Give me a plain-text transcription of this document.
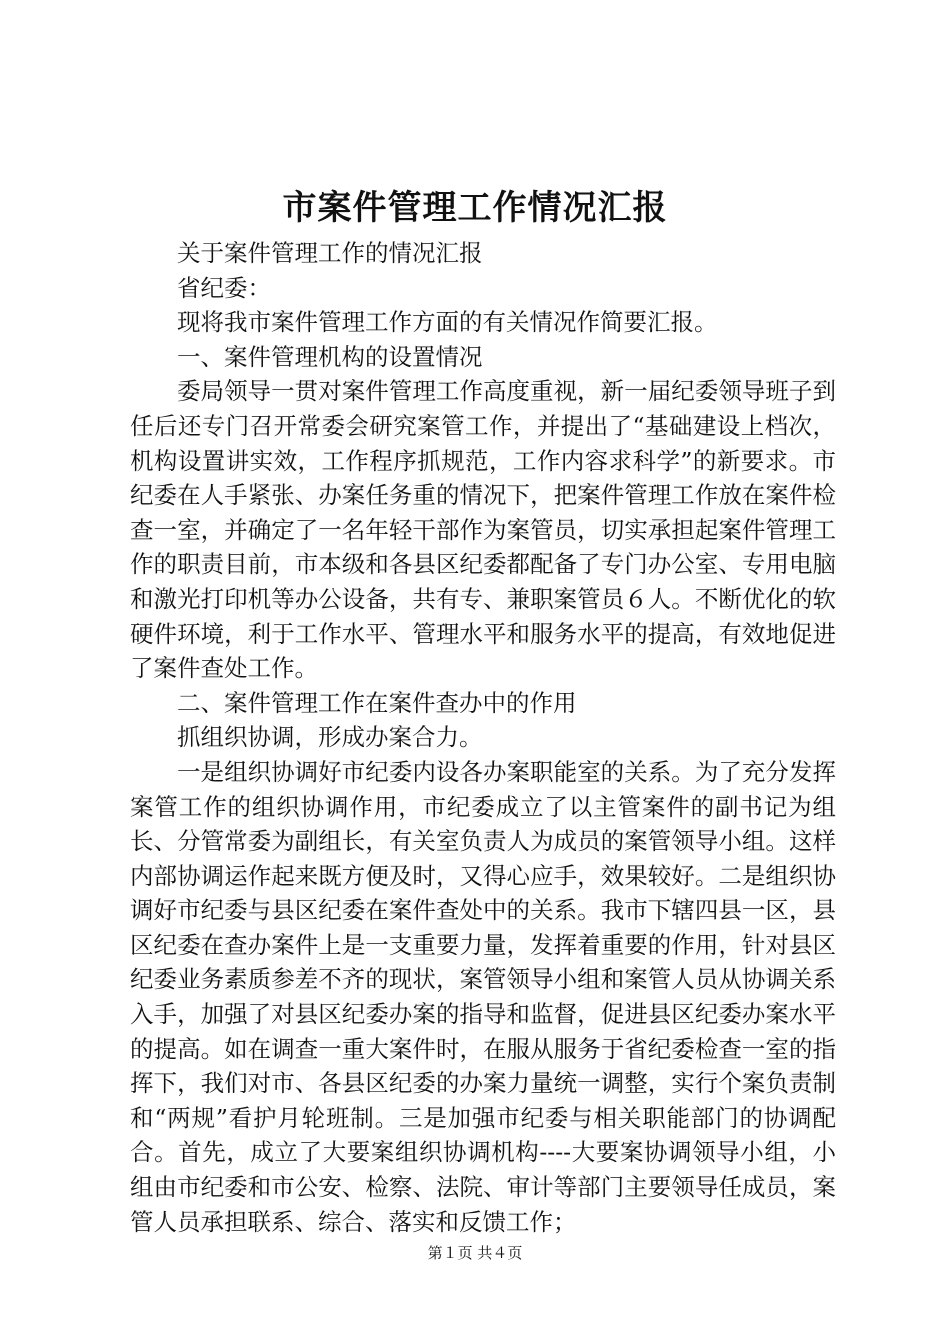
市案件管理工作情况汇报

关于案件管理工作的情况汇报

省纪委：

现将我市案件管理工作方面的有关情况作简要汇报。

一、案件管理机构的设置情况

委局领导一贯对案件管理工作高度重视，新一届纪委领导班子到任后还专门召开常委会研究案管工作，并提出了“基础建设上档次，机构设置讲实效，工作程序抓规范，工作内容求科学”的新要求。市纪委在人手紧张、办案任务重的情况下，把案件管理工作放在案件检查一室，并确定了一名年轻干部作为案管员，切实承担起案件管理工作的职责目前，市本级和各县区纪委都配备了专门办公室、专用电脑和激光打印机等办公设备，共有专、兼职案管员６人。不断优化的软硬件环境，利于工作水平、管理水平和服务水平的提高，有效地促进了案件查处工作。

二、案件管理工作在案件查办中的作用

抓组织协调，形成办案合力。

一是组织协调好市纪委内设各办案职能室的关系。为了充分发挥案管工作的组织协调作用，市纪委成立了以主管案件的副书记为组长、分管常委为副组长，有关室负责人为成员的案管领导小组。这样内部协调运作起来既方便及时，又得心应手，效果较好。二是组织协调好市纪委与县区纪委在案件查处中的关系。我市下辖四县一区，县区纪委在查办案件上是一支重要力量，发挥着重要的作用，针对县区纪委业务素质参差不齐的现状，案管领导小组和案管人员从协调关系入手，加强了对县区纪委办案的指导和监督，促进县区纪委办案水平的提高。如在调查一重大案件时，在服从服务于省纪委检查一室的指挥下，我们对市、各县区纪委的办案力量统一调整，实行个案负责制和“两规”看护月轮班制。三是加强市纪委与相关职能部门的协调配合。首先，成立了大要案组织协调机构----大要案协调领导小组，小组由市纪委和市公安、检察、法院、审计等部门主要领导任成员，案管人员承担联系、综合、落实和反馈工作；

第１页 共４页
